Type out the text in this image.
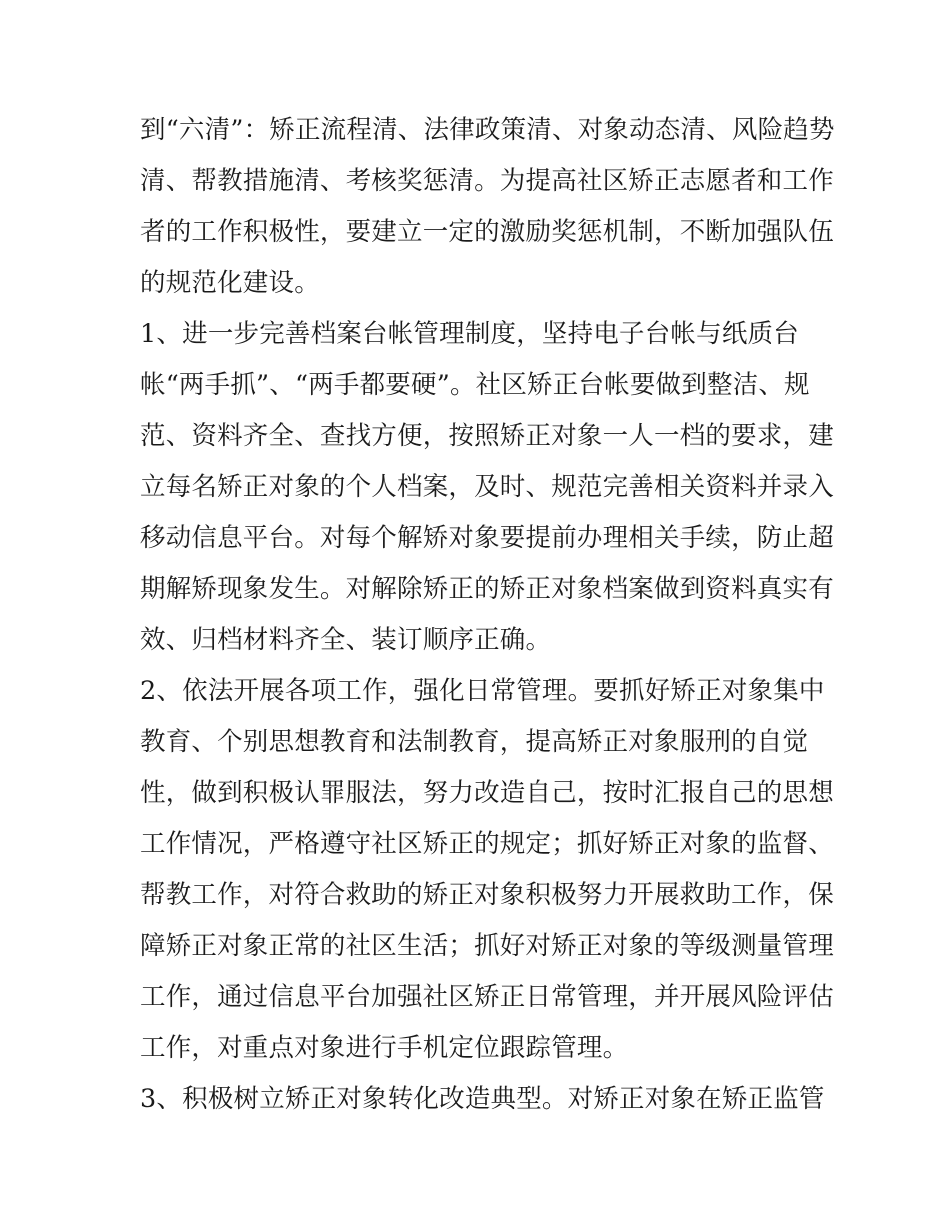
到“六清”：矫正流程清、法律政策清、对象动态清、风险趋势
清、帮教措施清、考核奖惩清。为提高社区矫正志愿者和工作
者的工作积极性，要建立一定的激励奖惩机制，不断加强队伍
的规范化建设。
1、进一步完善档案台帐管理制度，坚持电子台帐与纸质台
帐“两手抓”、“两手都要硬”。社区矫正台帐要做到整洁、规
范、资料齐全、查找方便，按照矫正对象一人一档的要求，建
立每名矫正对象的个人档案，及时、规范完善相关资料并录入
移动信息平台。对每个解矫对象要提前办理相关手续，防止超
期解矫现象发生。对解除矫正的矫正对象档案做到资料真实有
效、归档材料齐全、装订顺序正确。
2、依法开展各项工作，强化日常管理。要抓好矫正对象集中
教育、个别思想教育和法制教育，提高矫正对象服刑的自觉
性，做到积极认罪服法，努力改造自己，按时汇报自己的思想
工作情况，严格遵守社区矫正的规定；抓好矫正对象的监督、
帮教工作，对符合救助的矫正对象积极努力开展救助工作，保
障矫正对象正常的社区生活；抓好对矫正对象的等级测量管理
工作，通过信息平台加强社区矫正日常管理，并开展风险评估
工作，对重点对象进行手机定位跟踪管理。
3、积极树立矫正对象转化改造典型。对矫正对象在矫正监管
